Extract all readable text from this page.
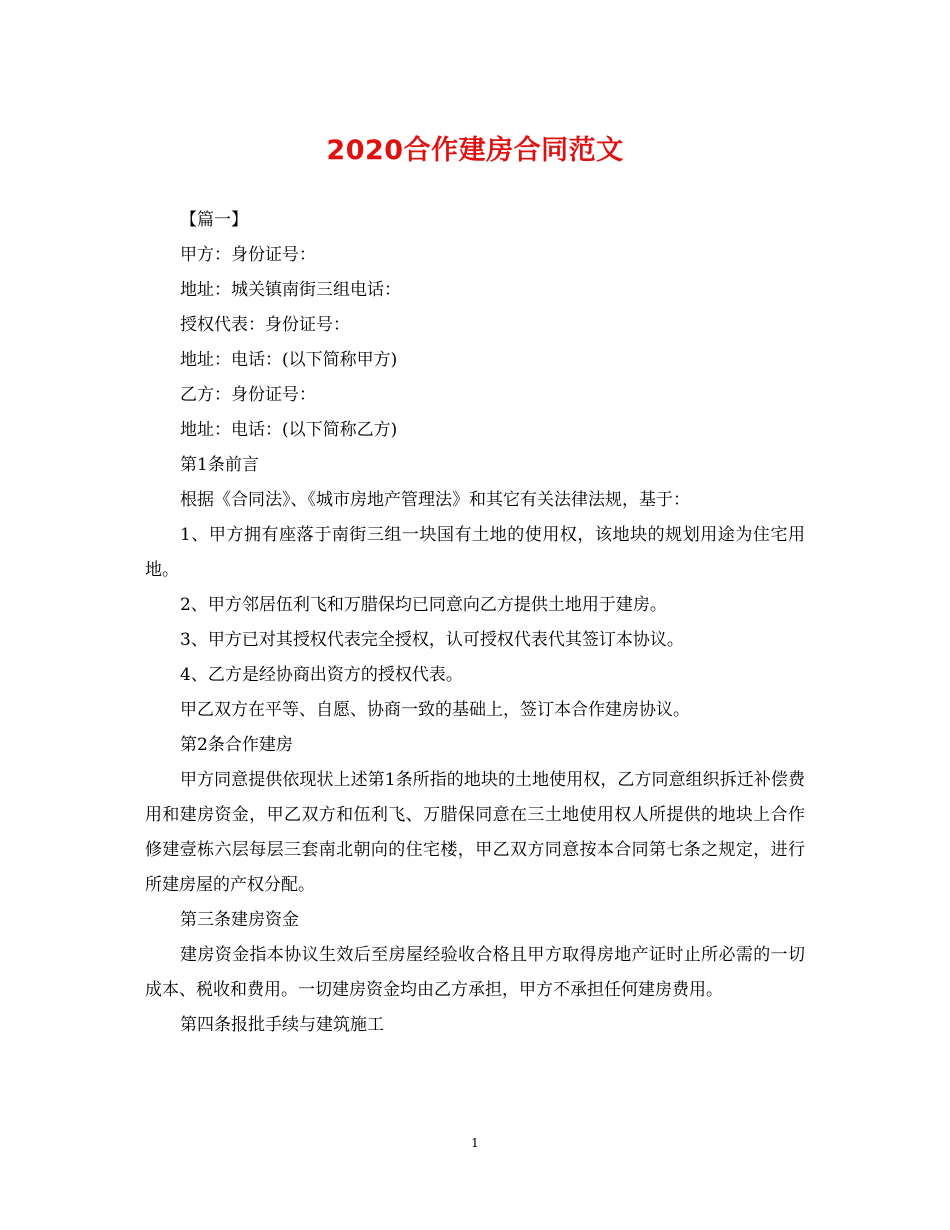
2020合作建房合同范文

【篇一】

甲方：身份证号：

地址：城关镇南街三组电话：

授权代表：身份证号：

地址：电话：(以下简称甲方)

乙方：身份证号：

地址：电话：(以下简称乙方)

第1条前言

根据《合同法》、《城市房地产管理法》和其它有关法律法规，基于：

1、甲方拥有座落于南街三组一块国有土地的使用权，该地块的规划用途为住宅用地。

2、甲方邻居伍利飞和万腊保均已同意向乙方提供土地用于建房。

3、甲方已对其授权代表完全授权，认可授权代表代其签订本协议。

4、乙方是经协商出资方的授权代表。

甲乙双方在平等、自愿、协商一致的基础上，签订本合作建房协议。

第2条合作建房

甲方同意提供依现状上述第1条所指的地块的土地使用权，乙方同意组织拆迁补偿费用和建房资金，甲乙双方和伍利飞、万腊保同意在三土地使用权人所提供的地块上合作修建壹栋六层每层三套南北朝向的住宅楼，甲乙双方同意按本合同第七条之规定，进行所建房屋的产权分配。

第三条建房资金

建房资金指本协议生效后至房屋经验收合格且甲方取得房地产证时止所必需的一切成本、税收和费用。一切建房资金均由乙方承担，甲方不承担任何建房费用。

第四条报批手续与建筑施工

1
